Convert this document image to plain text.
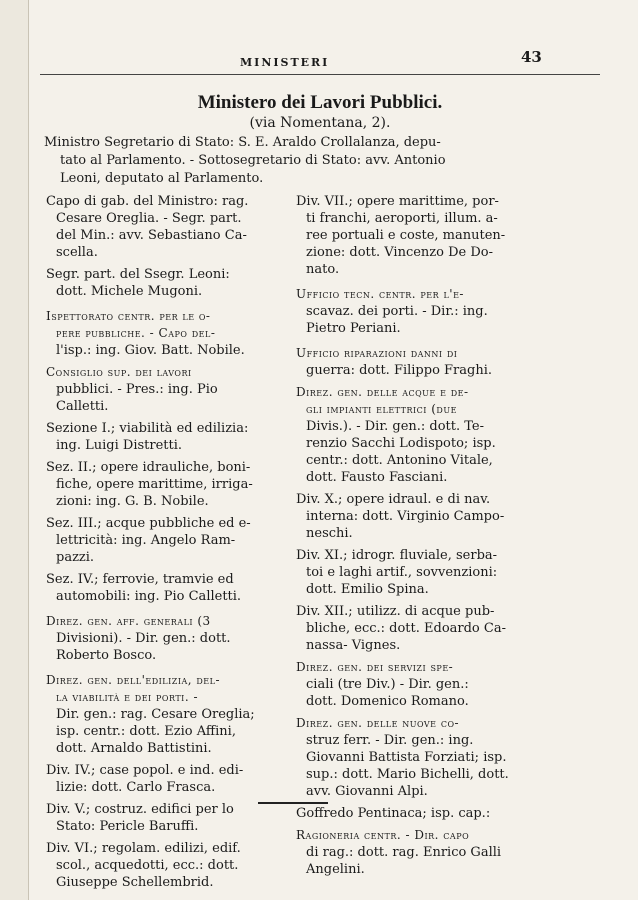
MINISTERI	43
Ministero dei Lavori Pubblici.
(via Nomentana, 2).
Ministro Segretario di Stato: S. E. Araldo Crollalanza, depu-
tato al Parlamento. - Sottosegretario di Stato: avv. Antonio
Leoni, deputato al Parlamento.
Capo di gab. del Ministro: rag.
Cesare Oreglia. - Segr. part.
del Min.: avv. Sebastiano Ca-
scella.
Segr. part. del Ssegr. Leoni:
dott. Michele Mugoni.
Ispettorato centr. per le o-
pere pubbliche. - Capo del-
l'isp.: ing. Giov. Batt. Nobile.
Consiglio sup. dei lavori
pubblici. - Pres.: ing. Pio
Calletti.
Sezione I.; viabilità ed edilizia:
ing. Luigi Distretti.
Sez. II.; opere idrauliche, boni-
fiche, opere marittime, irriga-
zioni: ing. G. B. Nobile.
Sez. III.; acque pubbliche ed e-
lettricità: ing. Angelo Ram-
pazzi.
Sez. IV.; ferrovie, tramvie ed
automobili: ing. Pio Calletti.
Direz. gen. aff. generali (3
Divisioni). - Dir. gen.: dott.
Roberto Bosco.
Direz. gen. dell'edilizia, del-
la viabilità e dei porti. -
Dir. gen.: rag. Cesare Oreglia;
isp. centr.: dott. Ezio Affini,
dott. Arnaldo Battistini.
Div. IV.; case popol. e ind. edi-
lizie: dott. Carlo Frasca.
Div. V.; costruz. edifici per lo
Stato: Pericle Baruffi.
Div. VI.; regolam. edilizi, edif.
scol., acquedotti, ecc.: dott.
Giuseppe Schellembrid.
Div. VII.; opere marittime, por-
ti franchi, aeroporti, illum. a-
ree portuali e coste, manuten-
zione: dott. Vincenzo De Do-
nato.
Ufficio tecn. centr. per l'e-
scavaz. dei porti. - Dir.: ing.
Pietro Periani.
Ufficio riparazioni danni di
guerra: dott. Filippo Fraghi.
Direz. gen. delle acque e de-
gli impianti elettrici (due
Divis.). - Dir. gen.: dott. Te-
renzio Sacchi Lodispoto; isp.
centr.: dott. Antonino Vitale,
dott. Fausto Fasciani.
Div. X.; opere idraul. e di nav.
interna: dott. Virginio Campo-
neschi.
Div. XI.; idrogr. fluviale, serba-
toi e laghi artif., sovvenzioni:
dott. Emilio Spina.
Div. XII.; utilizz. di acque pub-
bliche, ecc.: dott. Edoardo Ca-
nassa- Vignes.
Direz. gen. dei servizi spe-
ciali (tre Div.) - Dir. gen.:
dott. Domenico Romano.
Direz. gen. delle nuove co-
struz ferr. - Dir. gen.: ing.
Giovanni Battista Forziati; isp.
sup.: dott. Mario Bichelli, dott.
avv. Giovanni Alpi.
Goffredo Pentinaca; isp. cap.:
Ragioneria centr. - Dir. capo
di rag.: dott. rag. Enrico Galli
Angelini.
